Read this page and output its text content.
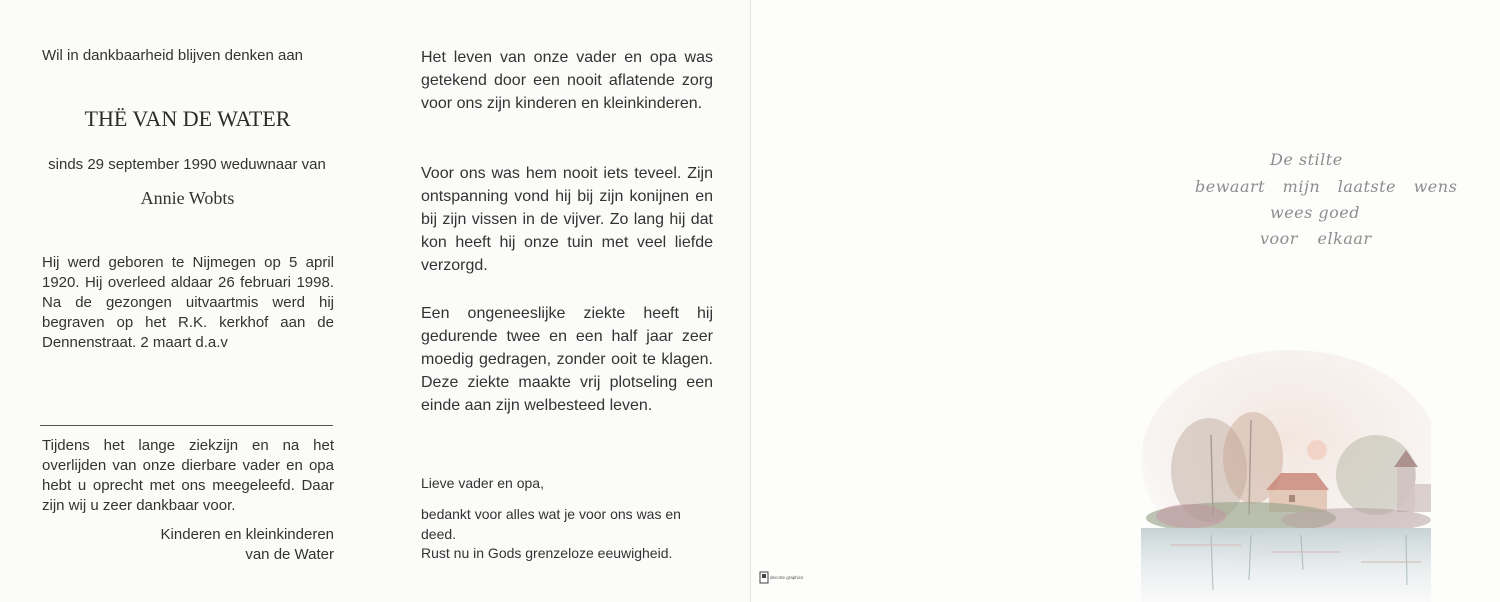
Wil in dankbaarheid blijven denken aan

THË VAN DE WATER

sinds 29 september 1990 weduwnaar van

Annie Wobts

Hij werd geboren te Nijmegen op 5 april 1920. Hij overleed aldaar 26 februari 1998. Na de gezongen uitvaartmis werd hij begraven op het R.K. kerkhof aan de Dennenstraat. 2 maart d.a.v

Tijdens het lange ziekzijn en na het overlijden van onze dierbare vader en opa hebt u oprecht met ons meegeleefd. Daar zijn wij u zeer dankbaar voor.

Kinderen en kleinkinderen

van de Water

Het leven van onze vader en opa was getekend door een nooit aflatende zorg voor ons zijn kinderen en kleinkinderen.

Voor ons was hem nooit iets teveel. Zijn ontspanning vond hij bij zijn konijnen en bij zijn vissen in de vijver. Zo lang hij dat kon heeft hij onze tuin met veel liefde verzorgd.

Een ongeneeslijke ziekte heeft hij gedurende twee en een half jaar zeer moedig gedragen, zonder ooit te klagen. Deze ziekte maakte vrij plotseling een einde aan zijn welbesteed leven.

Lieve vader en opa,

bedankt voor alles wat je voor ons was en

deed.

Rust nu in Gods grenzeloze eeuwigheid.

De stilte
bewaart mijn laatste wens
wees goed
voor elkaar
decorte graphics
